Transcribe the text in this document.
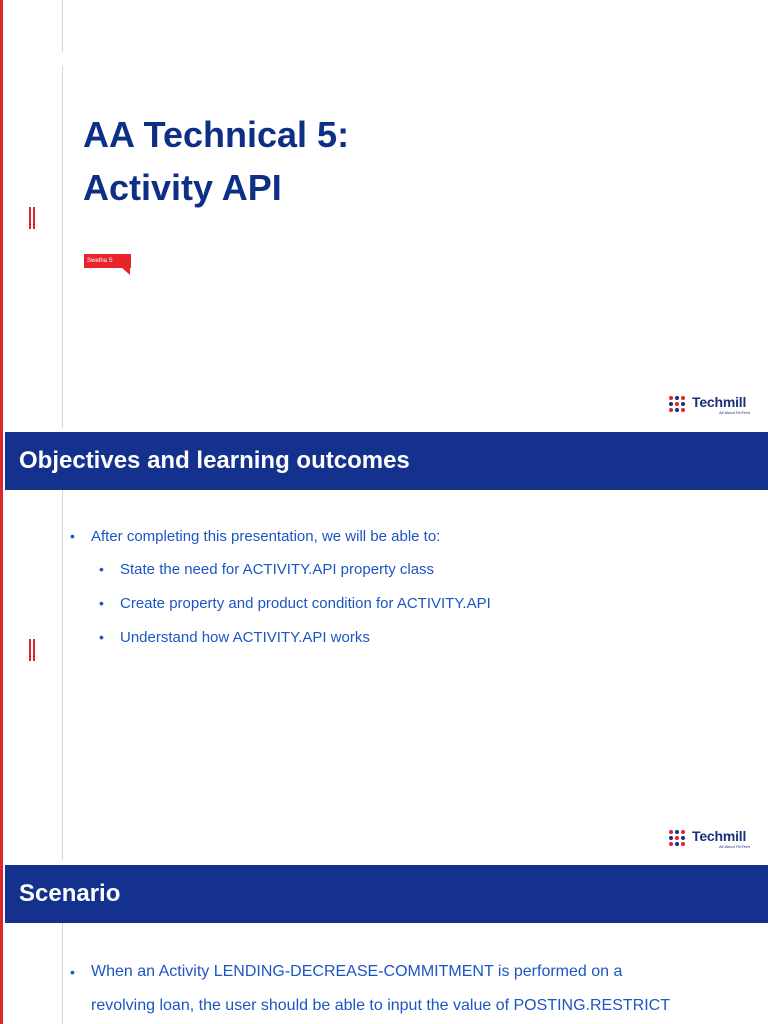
AA Technical 5:
Activity API
Swetha S
Techmill
All About FinTech
Objectives and learning outcomes
• After completing this presentation, we will be able to:
• State the need for ACTIVITY.API property class
• Create property and product condition for ACTIVITY.API
• Understand how ACTIVITY.API works
Techmill
All About FinTech
Scenario
• When an Activity LENDING-DECREASE-COMMITMENT is performed on a
revolving loan, the user should be able to input the value of POSTING.RESTRICT
